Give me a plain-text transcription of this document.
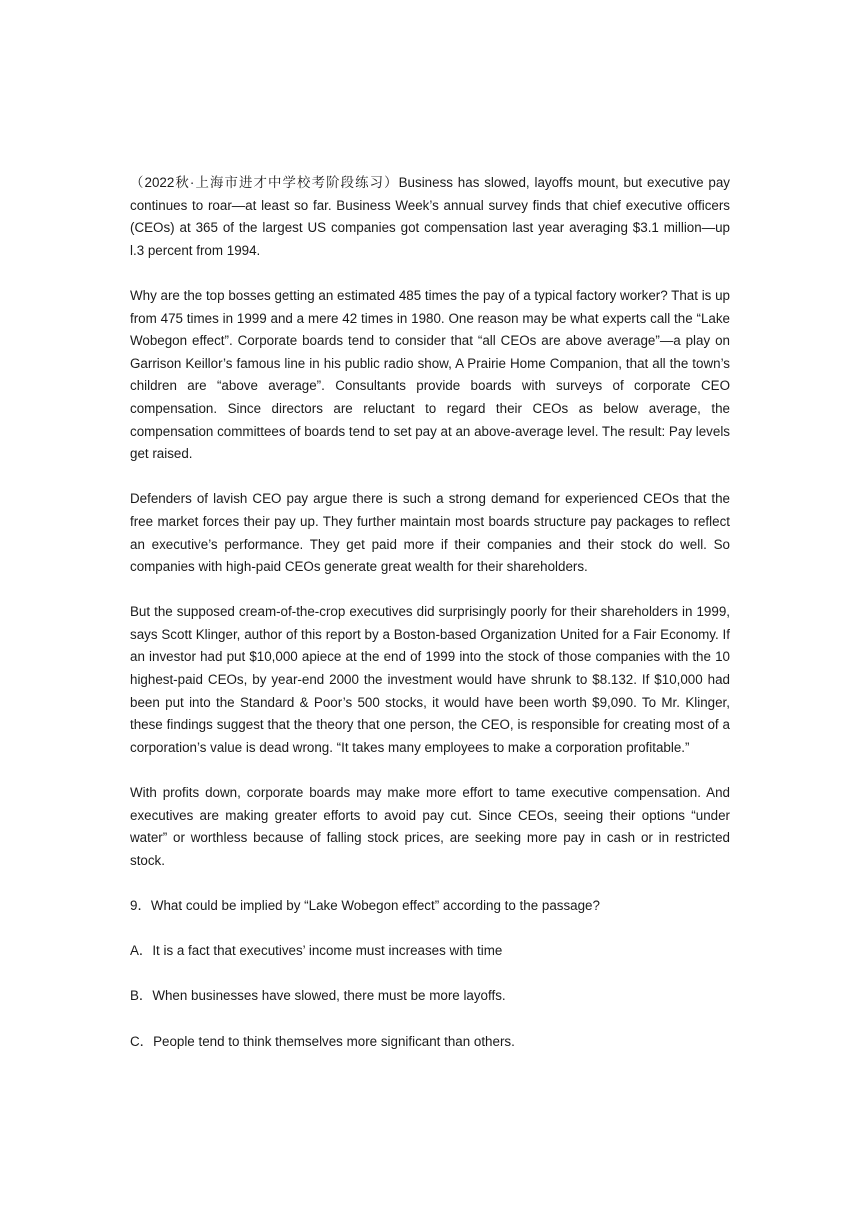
（2022秋·上海市进才中学校考阶段练习）Business has slowed, layoffs mount, but executive pay continues to roar—at least so far. Business Week’s annual survey finds that chief executive officers (CEOs) at 365 of the largest US companies got compensation last year averaging $3.1 million—up l.3 percent from 1994.

Why are the top bosses getting an estimated 485 times the pay of a typical factory worker? That is up from 475 times in 1999 and a mere 42 times in 1980. One reason may be what experts call the “Lake Wobegon effect”. Corporate boards tend to consider that “all CEOs are above average”—a play on Garrison Keillor’s famous line in his public radio show, A Prairie Home Companion, that all the town’s children are “above average”. Consultants provide boards with surveys of corporate CEO compensation. Since directors are reluctant to regard their CEOs as below average, the compensation committees of boards tend to set pay at an above-average level. The result: Pay levels get raised.

Defenders of lavish CEO pay argue there is such a strong demand for experienced CEOs that the free market forces their pay up. They further maintain most boards structure pay packages to reflect an executive’s performance. They get paid more if their companies and their stock do well. So companies with high-paid CEOs generate great wealth for their shareholders.

But the supposed cream-of-the-crop executives did surprisingly poorly for their shareholders in 1999, says Scott Klinger, author of this report by a Boston-based Organization United for a Fair Economy. If an investor had put $10,000 apiece at the end of 1999 into the stock of those companies with the 10 highest-paid CEOs, by year-end 2000 the investment would have shrunk to $8.132. If $10,000 had been put into the Standard & Poor’s 500 stocks, it would have been worth $9,090. To Mr. Klinger, these findings suggest that the theory that one person, the CEO, is responsible for creating most of a corporation’s value is dead wrong. “It takes many employees to make a corporation profitable.”

With profits down, corporate boards may make more effort to tame executive compensation. And executives are making greater efforts to avoid pay cut. Since CEOs, seeing their options “under water” or worthless because of falling stock prices, are seeking more pay in cash or in restricted stock.

9．What could be implied by “Lake Wobegon effect” according to the passage?

A．It is a fact that executives’ income must increases with time

B．When businesses have slowed, there must be more layoffs.

C．People tend to think themselves more significant than others.
